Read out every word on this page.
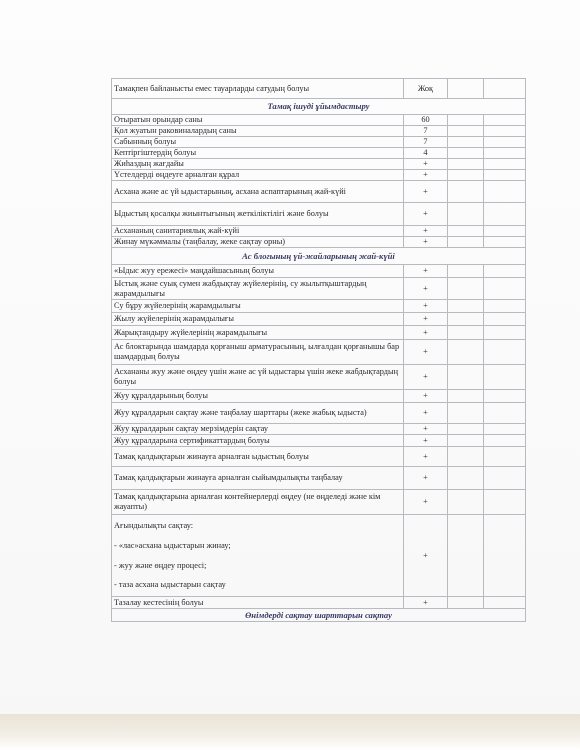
Тамақпен байланысты емес тауарларды сатудың болуы	Жоқ		
Тамақ ішуді ұйымдастыру			
Отыратын орындар саны	60		
Қол жуатын раковиналардың саны	7		
Сабынның болуы	7		
Кептіргіштердің болуы	4		
Жиһаздың жағдайы	+		
Үстелдерді өңдеуге арналған құрал	+		
Асхана және ас үй ыдыстарының, асхана аспаптарының жай-күйі	+		
Ыдыстың қосалқы жиынтығының жеткіліктілігі және болуы	+		
Асхананың санитариялық жай-күйі	+		
Жинау мүкәммалы (таңбалау, жеке сақтау орны)	+		
Ас блогының үй-жайларының жай-күйі			
«Ыдыс жуу ережесі» маңдайшасының болуы	+		
Ыстық және суық сумен жабдықтау жүйелерінің, су жылытқыштардың жарамдылығы	+		
Су бұру жүйелерінің жарамдылығы	+		
Жылу жүйелерінің жарамдылығы	+		
Жарықтандыру жүйелерінің жарамдылығы	+		
Ас блоктарында шамдарда қорғаныш арматурасының, ылғалдан қорғанышы бар шамдардың болуы	+		
Асхананы жуу және өңдеу үшін және ас үй ыдыстары үшін жеке жабдықтардың болуы	+		
Жуу құралдарының болуы	+		
Жуу құралдарын сақтау және таңбалау шарттары (жеке жабық ыдыста)	+		
Жуу құралдарын сақтау мерзімдерін сақтау	+		
Жуу құралдарына сертификаттардың болуы	+		
Тамақ қалдықтарын жинауға арналған ыдыстың болуы	+		
Тамақ қалдықтарын жинауға арналған сыйымдылықты таңбалау	+		
Тамақ қалдықтарына арналған контейнерлерді өңдеу (не өңделеді және кім жауапты)	+		

Ағындылықты сақтау:
- «лас»асхана ыдыстарын жинау;
- жуу және өңдеу процесі;
- таза асхана ыдыстарын сақтау	+		
Тазалау кестесінің болуы	+		
Өнімдерді сақтау шарттарын сақтау			
